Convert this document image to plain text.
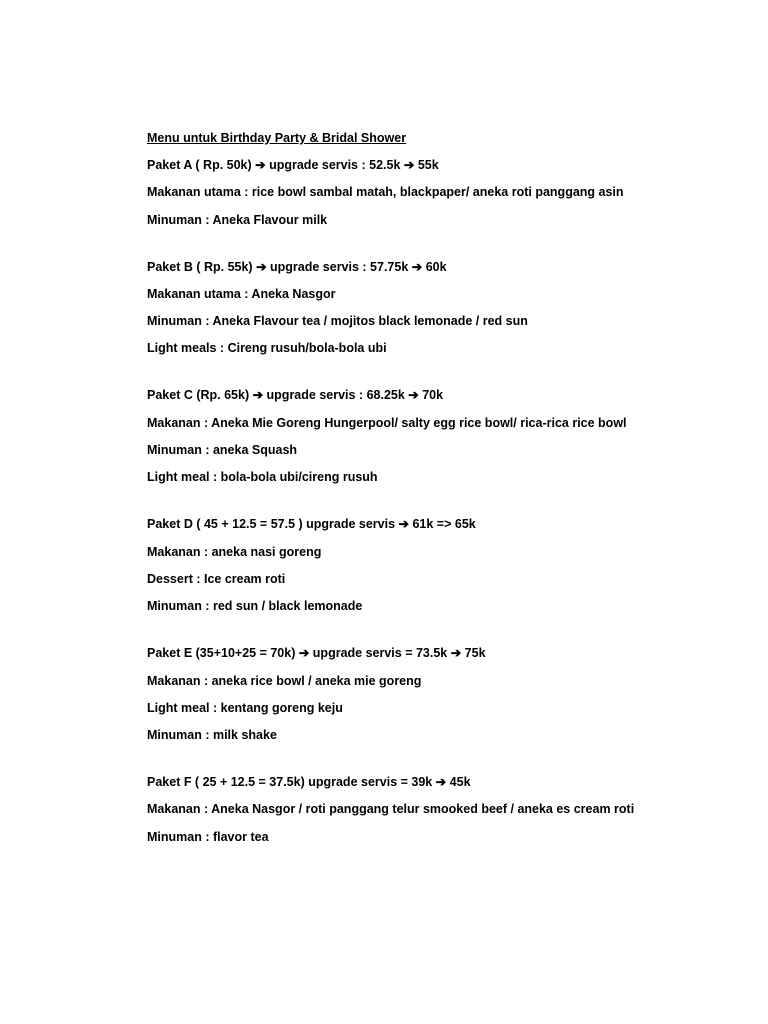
Menu untuk Birthday Party & Bridal Shower
Paket A ( Rp. 50k) ➔ upgrade servis : 52.5k ➔ 55k
Makanan utama : rice bowl sambal matah, blackpaper/ aneka roti panggang asin
Minuman : Aneka Flavour milk
Paket B ( Rp. 55k) ➔ upgrade servis : 57.75k ➔ 60k
Makanan utama : Aneka Nasgor
Minuman : Aneka Flavour tea / mojitos black lemonade / red sun
Light meals : Cireng rusuh/bola-bola ubi
Paket C (Rp. 65k) ➔ upgrade servis : 68.25k ➔ 70k
Makanan : Aneka Mie Goreng Hungerpool/ salty egg rice bowl/ rica-rica rice bowl
Minuman : aneka Squash
Light meal : bola-bola ubi/cireng rusuh
Paket D ( 45 + 12.5 = 57.5 ) upgrade servis ➔ 61k => 65k
Makanan : aneka nasi goreng
Dessert : Ice cream roti
Minuman : red sun / black lemonade
Paket E (35+10+25 = 70k) ➔ upgrade servis = 73.5k ➔ 75k
Makanan : aneka rice bowl / aneka mie goreng
Light meal : kentang goreng keju
Minuman : milk shake
Paket F ( 25 + 12.5 = 37.5k) upgrade servis = 39k ➔ 45k
Makanan : Aneka Nasgor / roti panggang telur smooked beef / aneka es cream roti
Minuman : flavor tea
